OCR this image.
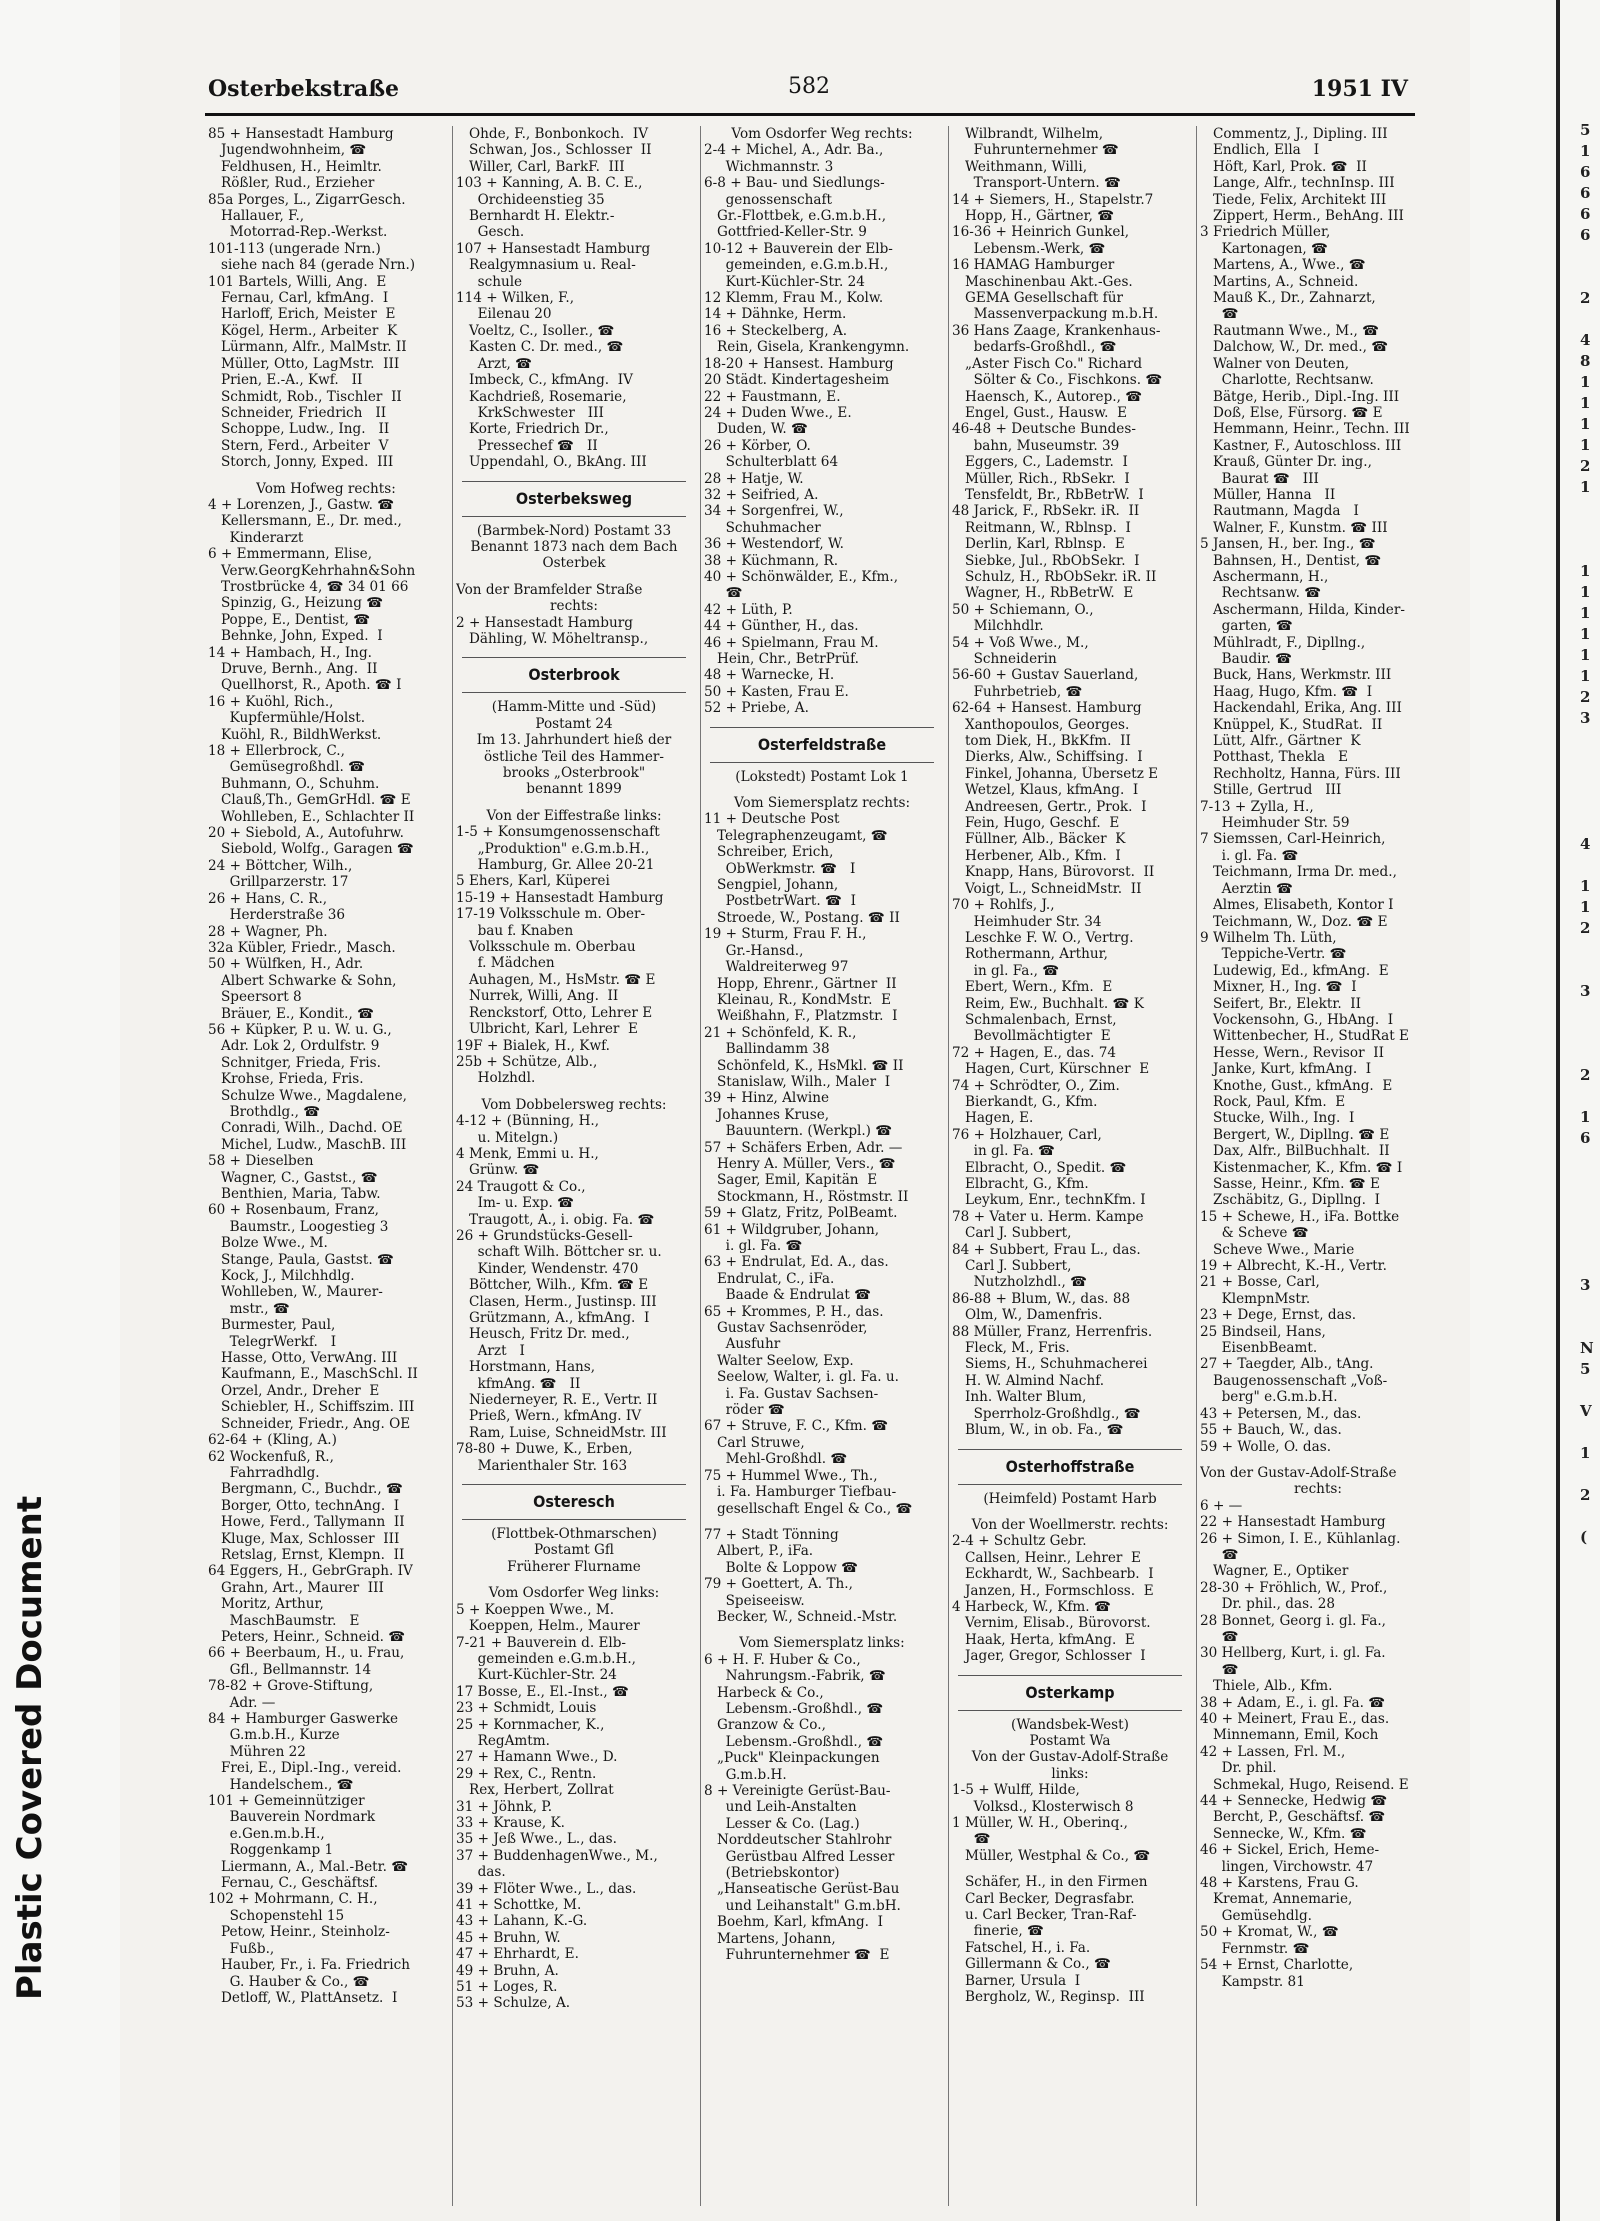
Plastic Covered Document
5
1
6
6
6
6
2
4
8
1
1
1
1
2
1
1
1
1
1
1
1
2
3
4
1
1
2
3
2
1
6
3
N
5
V
1
2
(
Osterbekstraße	582	1951 IV
85 + Hansestadt Hamburg
Jugendwohnheim, ☎
Feldhusen, H., Heimltr.
Rößler, Rud., Erzieher
85a Porges, L., ZigarrGesch.
Hallauer, F.,
Motorrad-Rep.-Werkst.
101-113 (ungerade Nrn.)
siehe nach 84 (gerade Nrn.)
101 Bartels, Willi, Ang.  E
Fernau, Carl, kfmAng.  I
Harloff, Erich, Meister  E
Kögel, Herm., Arbeiter  K
Lürmann, Alfr., MalMstr. II
Müller, Otto, LagMstr.  III
Prien, E.-A., Kwf.   II
Schmidt, Rob., Tischler  II
Schneider, Friedrich   II
Schoppe, Ludw., Ing.   II
Stern, Ferd., Arbeiter  V
Storch, Jonny, Exped.  III
Vom Hofweg rechts:
4 + Lorenzen, J., Gastw. ☎
Kellersmann, E., Dr. med.,
Kinderarzt
6 + Emmermann, Elise,
Verw.GeorgKehrhahn&Sohn
Trostbrücke 4, ☎ 34 01 66
Spinzig, G., Heizung ☎
Poppe, E., Dentist, ☎
Behnke, John, Exped.  I
14 + Hambach, H., Ing.
Druve, Bernh., Ang.  II
Quellhorst, R., Apoth. ☎ I
16 + Kuöhl, Rich.,
Kupfermühle/Holst.
Kuöhl, R., BildhWerkst.
18 + Ellerbrock, C.,
Gemüsegroßhdl. ☎
Buhmann, O., Schuhm.
Clauß,Th., GemGrHdl. ☎ E
Wohlleben, E., Schlachter II
20 + Siebold, A., Autofuhrw.
Siebold, Wolfg., Garagen ☎
24 + Böttcher, Wilh.,
Grillparzerstr. 17
26 + Hans, C. R.,
Herderstraße 36
28 + Wagner, Ph.
32a Kübler, Friedr., Masch.
50 + Wülfken, H., Adr.
Albert Schwarke & Sohn,
Speersort 8
Bräuer, E., Kondit., ☎
56 + Küpker, P. u. W. u. G.,
Adr. Lok 2, Ordulfstr. 9
Schnitger, Frieda, Fris.
Krohse, Frieda, Fris.
Schulze Wwe., Magdalene,
Brothdlg., ☎
Conradi, Wilh., Dachd. OE
Michel, Ludw., MaschB. III
58 + Dieselben
Wagner, C., Gastst., ☎
Benthien, Maria, Tabw.
60 + Rosenbaum, Franz,
Baumstr., Loogestieg 3
Bolze Wwe., M.
Stange, Paula, Gastst. ☎
Kock, J., Milchhdlg.
Wohlleben, W., Maurer-
mstr., ☎
Burmester, Paul,
TelegrWerkf.   I
Hasse, Otto, VerwAng. III
Kaufmann, E., MaschSchl. II
Orzel, Andr., Dreher  E
Schiebler, H., Schiffszim. III
Schneider, Friedr., Ang. OE
62-64 + (Kling, A.)
62 Wockenfuß, R.,
Fahrradhdlg.
Bergmann, C., Buchdr., ☎
Borger, Otto, technAng.  I
Howe, Ferd., Tallymann  II
Kluge, Max, Schlosser  III
Retslag, Ernst, Klempn.  II
64 Eggers, H., GebrGraph. IV
Grahn, Art., Maurer  III
Moritz, Arthur,
MaschBaumstr.   E
Peters, Heinr., Schneid. ☎
66 + Beerbaum, H., u. Frau,
Gfl., Bellmannstr. 14
78-82 + Grove-Stiftung,
Adr. —
84 + Hamburger Gaswerke
G.m.b.H., Kurze
Mühren 22
Frei, E., Dipl.-Ing., vereid.
Handelschem., ☎
101 + Gemeinnütziger
Bauverein Nordmark
e.Gen.m.b.H.,
Roggenkamp 1
Liermann, A., Mal.-Betr. ☎
Fernau, C., Geschäftsf.
102 + Mohrmann, C. H.,
Schopenstehl 15
Petow, Heinr., Steinholz-
Fußb.,
Hauber, Fr., i. Fa. Friedrich
G. Hauber & Co., ☎
Detloff, W., PlattAnsetz.  I
Ohde, F., Bonbonkoch.  IV
Schwan, Jos., Schlosser  II
Willer, Carl, BarkF.  III
103 + Kanning, A. B. C. E.,
Orchideenstieg 35
Bernhardt H. Elektr.-
Gesch.
107 + Hansestadt Hamburg
Realgymnasium u. Real-
schule
114 + Wilken, F.,
Eilenau 20
Voeltz, C., Isoller., ☎
Kasten C. Dr. med., ☎
Arzt, ☎
Imbeck, C., kfmAng.  IV
Kachdrieß, Rosemarie,
KrkSchwester   III
Korte, Friedrich Dr.,
Pressechef ☎   II
Uppendahl, O., BkAng. III
Osterbeksweg
(Barmbek-Nord) Postamt 33
Benannt 1873 nach dem Bach
Osterbek
Von der Bramfelder Straße
rechts:
2 + Hansestadt Hamburg
Dähling, W. Möheltransp.,
Osterbrook
(Hamm-Mitte und -Süd)
Postamt 24
Im 13. Jahrhundert hieß der
östliche Teil des Hammer-
brooks „Osterbrook"
benannt 1899
Von der Eiffestraße links:
1-5 + Konsumgenossenschaft
„Produktion" e.G.m.b.H.,
Hamburg, Gr. Allee 20-21
5 Ehers, Karl, Küperei
15-19 + Hansestadt Hamburg
17-19 Volksschule m. Ober-
bau f. Knaben
Volksschule m. Oberbau
f. Mädchen
Auhagen, M., HsMstr. ☎ E
Nurrek, Willi, Ang.  II
Renckstorf, Otto, Lehrer E
Ulbricht, Karl, Lehrer  E
19F + Bialek, H., Kwf.
25b + Schütze, Alb.,
Holzhdl.
Vom Dobbelersweg rechts:
4-12 + (Bünning, H.,
u. Mitelgn.)
4 Menk, Emmi u. H.,
Grünw. ☎
24 Traugott & Co.,
Im- u. Exp. ☎
Traugott, A., i. obig. Fa. ☎
26 + Grundstücks-Gesell-
schaft Wilh. Böttcher sr. u.
Kinder, Wendenstr. 470
Böttcher, Wilh., Kfm. ☎ E
Clasen, Herm., Justinsp. III
Grützmann, A., kfmAng.  I
Heusch, Fritz Dr. med.,
Arzt   I
Horstmann, Hans,
kfmAng. ☎   II
Niederneyer, R. E., Vertr. II
Prieß, Wern., kfmAng. IV
Ram, Luise, SchneidMstr. III
78-80 + Duwe, K., Erben,
Marienthaler Str. 163
Osteresch
(Flottbek-Othmarschen)
Postamt Gfl
Früherer Flurname
Vom Osdorfer Weg links:
5 + Koeppen Wwe., M.
Koeppen, Helm., Maurer
7-21 + Bauverein d. Elb-
gemeinden e.G.m.b.H.,
Kurt-Küchler-Str. 24
17 Bosse, E., El.-Inst., ☎
23 + Schmidt, Louis
25 + Kornmacher, K.,
RegAmtm.
27 + Hamann Wwe., D.
29 + Rex, C., Rentn.
Rex, Herbert, Zollrat
31 + Jöhnk, P.
33 + Krause, K.
35 + Jeß Wwe., L., das.
37 + BuddenhagenWwe., M.,
das.
39 + Flöter Wwe., L., das.
41 + Schottke, M.
43 + Lahann, K.-G.
45 + Bruhn, W.
47 + Ehrhardt, E.
49 + Bruhn, A.
51 + Loges, R.
53 + Schulze, A.
Vom Osdorfer Weg rechts:
2-4 + Michel, A., Adr. Ba.,
Wichmannstr. 3
6-8 + Bau- und Siedlungs-
genossenschaft
Gr.-Flottbek, e.G.m.b.H.,
Gottfried-Keller-Str. 9
10-12 + Bauverein der Elb-
gemeinden, e.G.m.b.H.,
Kurt-Küchler-Str. 24
12 Klemm, Frau M., Kolw.
14 + Dähnke, Herm.
16 + Steckelberg, A.
Rein, Gisela, Krankengymn.
18-20 + Hansest. Hamburg
20 Städt. Kindertagesheim
22 + Faustmann, E.
24 + Duden Wwe., E.
Duden, W. ☎
26 + Körber, O.
Schulterblatt 64
28 + Hatje, W.
32 + Seifried, A.
34 + Sorgenfrei, W.,
Schuhmacher
36 + Westendorf, W.
38 + Küchmann, R.
40 + Schönwälder, E., Kfm.,
☎
42 + Lüth, P.
44 + Günther, H., das.
46 + Spielmann, Frau M.
Hein, Chr., BetrPrüf.
48 + Warnecke, H.
50 + Kasten, Frau E.
52 + Priebe, A.
Osterfeldstraße
(Lokstedt) Postamt Lok 1
Vom Siemersplatz rechts:
11 + Deutsche Post
Telegraphenzeugamt, ☎
Schreiber, Erich,
ObWerkmstr. ☎   I
Sengpiel, Johann,
PostbetrWart. ☎  I
Stroede, W., Postang. ☎ II
19 + Sturm, Frau F. H.,
Gr.-Hansd.,
Waldreiterweg 97
Hopp, Ehrenr., Gärtner  II
Kleinau, R., KondMstr.  E
Weißhahn, F., Platzmstr.  I
21 + Schönfeld, K. R.,
Ballindamm 38
Schönfeld, K., HsMkl. ☎ II
Stanislaw, Wilh., Maler  I
39 + Hinz, Alwine
Johannes Kruse,
Bauuntern. (Werkpl.) ☎
57 + Schäfers Erben, Adr. —
Henry A. Müller, Vers., ☎
Sager, Emil, Kapitän  E
Stockmann, H., Röstmstr. II
59 + Glatz, Fritz, PolBeamt.
61 + Wildgruber, Johann,
i. gl. Fa. ☎
63 + Endrulat, Ed. A., das.
Endrulat, C., iFa.
Baade & Endrulat ☎
65 + Krommes, P. H., das.
Gustav Sachsenröder,
Ausfuhr
Walter Seelow, Exp.
Seelow, Walter, i. gl. Fa. u.
i. Fa. Gustav Sachsen-
röder ☎
67 + Struve, F. C., Kfm. ☎
Carl Struwe,
Mehl-Großhdl. ☎
75 + Hummel Wwe., Th.,
i. Fa. Hamburger Tiefbau-
gesellschaft Engel & Co., ☎
77 + Stadt Tönning
Albert, P., iFa.
Bolte & Loppow ☎
79 + Goettert, A. Th.,
Speiseeisw.
Becker, W., Schneid.-Mstr.
Vom Siemersplatz links:
6 + H. F. Huber & Co.,
Nahrungsm.-Fabrik, ☎
Harbeck & Co.,
Lebensm.-Großhdl., ☎
Granzow & Co.,
Lebensm.-Großhdl., ☎
„Puck" Kleinpackungen
G.m.b.H.
8 + Vereinigte Gerüst-Bau-
und Leih-Anstalten
Lesser & Co. (Lag.)
Norddeutscher Stahlrohr
Gerüstbau Alfred Lesser
(Betriebskontor)
„Hanseatische Gerüst-Bau
und Leihanstalt" G.m.bH.
Boehm, Karl, kfmAng.  I
Martens, Johann,
Fuhrunternehmer ☎  E
Wilbrandt, Wilhelm,
Fuhrunternehmer ☎
Weithmann, Willi,
Transport-Untern. ☎
14 + Siemers, H., Stapelstr.7
Hopp, H., Gärtner, ☎
16-36 + Heinrich Gunkel,
Lebensm.-Werk, ☎
16 HAMAG Hamburger
Maschinenbau Akt.-Ges.
GEMA Gesellschaft für
Massenverpackung m.b.H.
36 Hans Zaage, Krankenhaus-
bedarfs-Großhdl., ☎
„Aster Fisch Co." Richard
Sölter & Co., Fischkons. ☎
Haensch, K., Autorep., ☎
Engel, Gust., Hausw.  E
46-48 + Deutsche Bundes-
bahn, Museumstr. 39
Eggers, C., Lademstr.  I
Müller, Rich., RbSekr.  I
Tensfeldt, Br., RbBetrW.  I
48 Jarick, F., RbSekr. iR.  II
Reitmann, W., Rblnsp.  I
Derlin, Karl, Rblnsp.  E
Siebke, Jul., RbObSekr.  I
Schulz, H., RbObSekr. iR. II
Wagner, H., RbBetrW.  E
50 + Schiemann, O.,
Milchhdlr.
54 + Voß Wwe., M.,
Schneiderin
56-60 + Gustav Sauerland,
Fuhrbetrieb, ☎
62-64 + Hansest. Hamburg
Xanthopoulos, Georges.
tom Diek, H., BkKfm.  II
Dierks, Alw., Schiffsing.  I
Finkel, Johanna, Übersetz E
Wetzel, Klaus, kfmAng.  I
Andreesen, Gertr., Prok.  I
Fein, Hugo, Geschf.  E
Füllner, Alb., Bäcker  K
Herbener, Alb., Kfm.  I
Knapp, Hans, Bürovorst.  II
Voigt, L., SchneidMstr.  II
70 + Rohlfs, J.,
Heimhuder Str. 34
Leschke F. W. O., Vertrg.
Rothermann, Arthur,
in gl. Fa., ☎
Ebert, Wern., Kfm.  E
Reim, Ew., Buchhalt. ☎ K
Schmalenbach, Ernst,
Bevollmächtigter  E
72 + Hagen, E., das. 74
Hagen, Curt, Kürschner  E
74 + Schrödter, O., Zim.
Bierkandt, G., Kfm.
Hagen, E.
76 + Holzhauer, Carl,
in gl. Fa. ☎
Elbracht, O., Spedit. ☎
Elbracht, G., Kfm.
Leykum, Enr., technKfm. I
78 + Vater u. Herm. Kampe
Carl J. Subbert,
84 + Subbert, Frau L., das.
Carl J. Subbert,
Nutzholzhdl., ☎
86-88 + Blum, W., das. 88
Olm, W., Damenfris.
88 Müller, Franz, Herrenfris.
Fleck, M., Fris.
Siems, H., Schuhmacherei
H. W. Almind Nachf.
Inh. Walter Blum,
Sperrholz-Großhdlg., ☎
Blum, W., in ob. Fa., ☎
Osterhoffstraße
(Heimfeld) Postamt Harb
Von der Woellmerstr. rechts:
2-4 + Schultz Gebr.
Callsen, Heinr., Lehrer  E
Eckhardt, W., Sachbearb.  I
Janzen, H., Formschloss.  E
4 Harbeck, W., Kfm. ☎
Vernim, Elisab., Bürovorst.
Haak, Herta, kfmAng.  E
Jager, Gregor, Schlosser  I
Osterkamp
(Wandsbek-West)
Postamt Wa
Von der Gustav-Adolf-Straße
links:
1-5 + Wulff, Hilde,
Volksd., Klosterwisch 8
1 Müller, W. H., Oberinq.,
☎
Müller, Westphal & Co., ☎
Schäfer, H., in den Firmen
Carl Becker, Degrasfabr.
u. Carl Becker, Tran-Raf-
finerie, ☎
Fatschel, H., i. Fa.
Gillermann & Co., ☎
Barner, Ursula  I
Bergholz, W., Reginsp.  III
Commentz, J., Dipling. III
Endlich, Ella   I
Höft, Karl, Prok. ☎  II
Lange, Alfr., technInsp. III
Tiede, Felix, Architekt III
Zippert, Herm., BehAng. III
3 Friedrich Müller,
Kartonagen, ☎
Martens, A., Wwe., ☎
Martins, A., Schneid.
Mauß K., Dr., Zahnarzt,
☎
Rautmann Wwe., M., ☎
Dalchow, W., Dr. med., ☎
Walner von Deuten,
Charlotte, Rechtsanw.
Bätge, Herib., Dipl.-Ing. III
Doß, Else, Fürsorg. ☎ E
Hemmann, Heinr., Techn. III
Kastner, F., Autoschloss. III
Krauß, Günter Dr. ing.,
Baurat ☎   III
Müller, Hanna   II
Rautmann, Magda   I
Walner, F., Kunstm. ☎ III
5 Jansen, H., ber. Ing., ☎
Bahnsen, H., Dentist, ☎
Aschermann, H.,
Rechtsanw. ☎
Aschermann, Hilda, Kinder-
garten, ☎
Mühlradt, F., Dipllng.,
Baudir. ☎
Buck, Hans, Werkmstr. III
Haag, Hugo, Kfm. ☎  I
Hackendahl, Erika, Ang. III
Knüppel, K., StudRat.  II
Lütt, Alfr., Gärtner  K
Potthast, Thekla   E
Rechholtz, Hanna, Fürs. III
Stille, Gertrud   III
7-13 + Zylla, H.,
Heimhuder Str. 59
7 Siemssen, Carl-Heinrich,
i. gl. Fa. ☎
Teichmann, Irma Dr. med.,
Aerztin ☎
Almes, Elisabeth, Kontor I
Teichmann, W., Doz. ☎ E
9 Wilhelm Th. Lüth,
Teppiche-Vertr. ☎
Ludewig, Ed., kfmAng.  E
Mixner, H., Ing. ☎  I
Seifert, Br., Elektr.  II
Vockensohn, G., HbAng.  I
Wittenbecher, H., StudRat E
Hesse, Wern., Revisor  II
Janke, Kurt, kfmAng.  I
Knothe, Gust., kfmAng.  E
Rock, Paul, Kfm.  E
Stucke, Wilh., Ing.  I
Bergert, W., Dipllng. ☎ E
Dax, Alfr., BilBuchhalt.  II
Kistenmacher, K., Kfm. ☎ I
Sasse, Heinr., Kfm. ☎ E
Zschäbitz, G., Dipllng.  I
15 + Schewe, H., iFa. Bottke
& Scheve ☎
Scheve Wwe., Marie
19 + Albrecht, K.-H., Vertr.
21 + Bosse, Carl,
KlempnMstr.
23 + Dege, Ernst, das.
25 Bindseil, Hans,
EisenbBeamt.
27 + Taegder, Alb., tAng.
Baugenossenschaft „Voß-
berg" e.G.m.b.H.
43 + Petersen, M., das.
55 + Bauch, W., das.
59 + Wolle, O. das.
Von der Gustav-Adolf-Straße
rechts:
6 + —
22 + Hansestadt Hamburg
26 + Simon, I. E., Kühlanlag.
☎
Wagner, E., Optiker
28-30 + Fröhlich, W., Prof.,
Dr. phil., das. 28
28 Bonnet, Georg i. gl. Fa.,
☎
30 Hellberg, Kurt, i. gl. Fa.
☎
Thiele, Alb., Kfm.
38 + Adam, E., i. gl. Fa. ☎
40 + Meinert, Frau E., das.
Minnemann, Emil, Koch
42 + Lassen, Frl. M.,
Dr. phil.
Schmekal, Hugo, Reisend. E
44 + Sennecke, Hedwig ☎
Bercht, P., Geschäftsf. ☎
Sennecke, W., Kfm. ☎
46 + Sickel, Erich, Heme-
lingen, Virchowstr. 47
48 + Karstens, Frau G.
Kremat, Annemarie,
Gemüsehdlg.
50 + Kromat, W., ☎
Fernmstr. ☎
54 + Ernst, Charlotte,
Kampstr. 81
